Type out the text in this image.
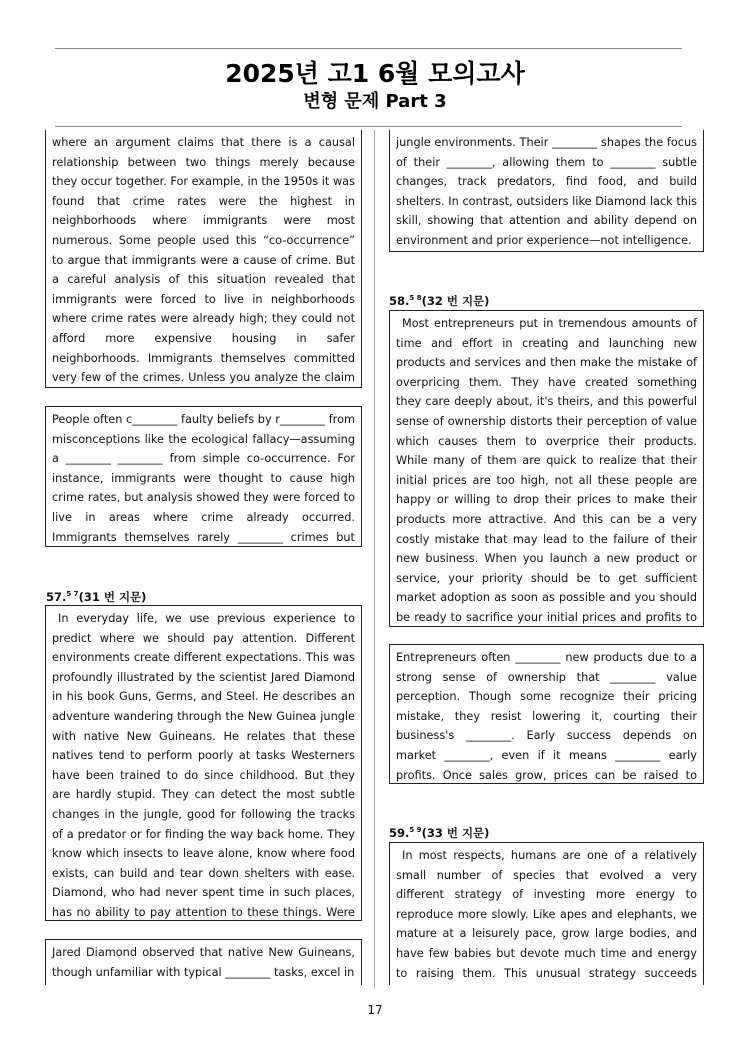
2025년 고1 6월 모의고사
변형 문제 Part 3

where an argument claims that there is a causal relationship between two things merely because they occur together. For example, in the 1950s it was found that crime rates were the highest in neighborhoods where immigrants were most numerous. Some people used this “co-occurrence” to argue that immigrants were a cause of crime. But a careful analysis of this situation revealed that immigrants were forced to live in neighborhoods where crime rates were already high; they could not afford more expensive housing in safer neighborhoods. Immigrants themselves committed very few of the crimes. Unless you analyze the claim

People often c________ faulty beliefs by r________ from misconceptions like the ecological fallacy—assuming a ________ ________ from simple co-occurrence. For instance, immigrants were thought to cause high crime rates, but analysis showed they were forced to live in areas where crime already occurred. Immigrants themselves rarely ________ crimes but

57.$^{5 7}$(31 번 지문)

In everyday life, we use previous experience to predict where we should pay attention. Different environments create different expectations. This was profoundly illustrated by the scientist Jared Diamond in his book Guns, Germs, and Steel. He describes an adventure wandering through the New Guinea jungle with native New Guineans. He relates that these natives tend to perform poorly at tasks Westerners have been trained to do since childhood. But they are hardly stupid. They can detect the most subtle changes in the jungle, good for following the tracks of a predator or for finding the way back home. They know which insects to leave alone, know where food exists, can build and tear down shelters with ease. Diamond, who had never spent time in such places, has no ability to pay attention to these things. Were

Jared Diamond observed that native New Guineans, though unfamiliar with typical ________ tasks, excel in

jungle environments. Their ________ shapes the focus of their ________, allowing them to ________ subtle changes, track predators, find food, and build shelters. In contrast, outsiders like Diamond lack this skill, showing that attention and ability depend on environment and prior experience—not intelligence.

58.$^{5 8}$(32 번 지문)

Most entrepreneurs put in tremendous amounts of time and effort in creating and launching new products and services and then make the mistake of overpricing them. They have created something they care deeply about, it's theirs, and this powerful sense of ownership distorts their perception of value which causes them to overprice their products. While many of them are quick to realize that their initial prices are too high, not all these people are happy or willing to drop their prices to make their products more attractive. And this can be a very costly mistake that may lead to the failure of their new business. When you launch a new product or service, your priority should be to get sufficient market adoption as soon as possible and you should be ready to sacrifice your initial prices and profits to

Entrepreneurs often ________ new products due to a strong sense of ownership that ________ value perception. Though some recognize their pricing mistake, they resist lowering it, courting their business's ________. Early success depends on market ________, even if it means ________ early profits. Once sales grow, prices can be raised to

59.$^{5 9}$(33 번 지문)

In most respects, humans are one of a relatively small number of species that evolved a very different strategy of investing more energy to reproduce more slowly. Like apes and elephants, we mature at a leisurely pace, grow large bodies, and have few babies but devote much time and energy to raising them. This unusual strategy succeeds

17
